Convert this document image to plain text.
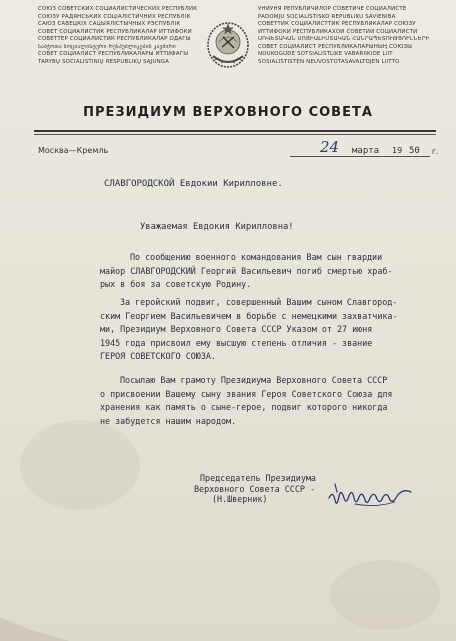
СОЮЗ СОВЕТСКИХ СОЦИАЛИСТИЧЕСКИХ РЕСПУБЛИК
СОЮЗУ РАДЯНСЬКИХ СОЦІАЛІСТИЧНИХ РЕСПУБЛІК
САЮЗ САВЕЦКІХ САЦЫЯЛІСТЫЧНЫХ РЭСПУБЛІК
СОВЕТ СОЦИАЛИСТИК РЕСПУБЛИКАЛАР ИТТИФОКИ
СОВЕТТЕР СОЦИАЛИСТИК РЕСПУБЛИКАЛАР ОДАГЫ
საბჭოთა სოციალისტური რესპუბლიკების კავშირი
СОВЕТ СОЦИАЛИСТ РЕСПУБЛИКАЛАРЫ ИТТИФАГЫ
TARYBŲ SOCIALISTINIŲ RESPUBLIKŲ SĄJUNGA
УНИУНЯ РЕПУБЛИЧИЛОР СОВЕТИЧЕ СОЦИАЛИСТЕ
PADOMJU SOCIĀLISTISKO REPUBLIKU SAVIENĪBA
СОВЕТТИК СОЦИАЛИСТТИК РЕСПУБЛИКАЛАР СОЮЗУ
ИТТИФОКИ РЕСПУБЛИКАХОИ СОВЕТИИ СОЦИАЛИСТИ
ՍՈՎԵՏԱԿԱՆ ՍՈՑԻԱԼԻՍՏԱԿԱՆ ՀԱՆՐԱՊԵՏՈՒԹՅՈՒՆՆԵՐԻ
СОВЕТ СОЦИАЛИСТ РЕСПУБЛИКАЛАРЫНЫҢ СОЮЗЫ
NÕUKOGUDE SOTSIALISTLIKE VABARIIKIDE LIIT
SOSIALISTISTEN NEUVOSTOTASAVALTOJEN LIITTO
ПРЕЗИДИУМ ВЕРХОВНОГО СОВЕТА
Москва—Кремль	24 марта 19 50 г.
СЛАВГОРОДСКОЙ Евдокии Кирилловне.
Уважаемая Евдокия Кирилловна!
По сообщению военного командования Вам сын гвардии
майор СЛАВГОРОДСКИЙ Георгий Васильевич погиб смертью храб-
рых в боя за советскую Родину.
За геройский подвиг, совершенный Вашим сыном Славгород-
ским Георгием Васильевичем в борьбе с немецкими захватчика-
ми, Президиум Верховного Совета СССР Указом от 27 июня
1945 года присвоил ему высшую степень отличия - звание
ГЕРОЯ СОВЕТСКОГО СОЮЗА.
Посылаю Вам грамоту Президиума Верховного Совета СССР
о присвоении Вашему сыну звания Героя Советского Союза для
хранения как память о сыне-герое, подвиг которого никогда
не забудется нашим народом.
Председатель Президиума
Верховного Совета СССР -
(Н.Шверник)
